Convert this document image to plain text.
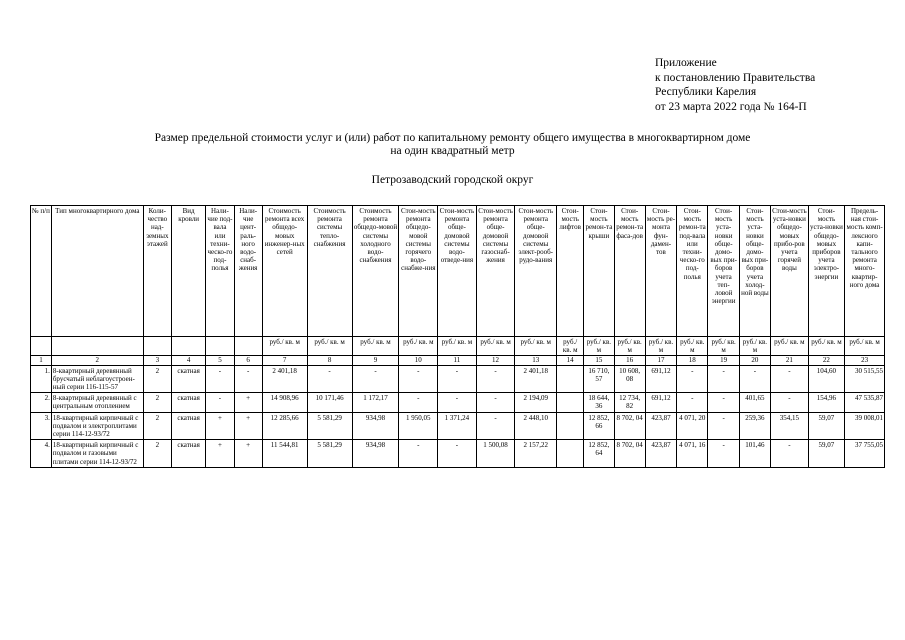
Приложение
к постановлению Правительства
Республики Карелия
от 23 марта 2022 года № 164-П
Размер предельной стоимости услуг и (или) работ по капитальному ремонту общего имущества в многоквартирном доме
на один квадратный метр
Петрозаводский городской округ
№ п/п	Тип многоквартирного дома	Коли-чество над-земных этажей	Вид кровли	Нали-чие под-вала или техни-ческо-го под-полья	Нали-чие цент-раль-ного водо-снаб-жения	Стоимость ремонта всех общедо-мовых инженер-ных сетей	Стоимость ремонта системы тепло-снабжения	Стоимость ремонта общедо-мовой системы холодного водо-снабжения	Стои-мость ремонта общедо-мовой системы горячего водо-снабже-ния	Стои-мость ремонта обще-домовой системы водо-отведе-ния	Стои-мость ремонта обще-домовой системы газоснаб-жения	Стои-мость ремонта обще-домовой системы элект-рооб-рудо-вания	Стои-мость лифтов	Стои-мость ремон-та крыши	Стои-мость ремон-та фаса-дов	Стои-мость ре-монта фун-дамен-тов	Стои-мость ремон-та под-вала или техни-ческо-го под-полья	Стои-мость уста-новки обще-домо-вых при-боров учета теп-ловой энергии	Стои-мость уста-новки обще-домо-вых при-боров учета холод-ной воды	Стои-мость уста-новки общедо-мовых прибо-ров учета горячей воды	Стои-мость уста-новки общедо-мовых приборов учета электро-энергии	Предель-ная стои-мость комп-лексного капи-тального ремонта много-квартир-ного дома
						руб./ кв. м	руб./ кв. м	руб./ кв. м	руб./ кв. м	руб./ кв. м	руб./ кв. м	руб./ кв. м	руб./ кв. м	руб./ кв. м	руб./ кв. м	руб./ кв. м	руб./ кв. м	руб./ кв. м	руб./ кв. м	руб./ кв. м	руб./ кв. м	руб./ кв. м
1	2	3	4	5	6	7	8	9	10	11	12	13	14	15	16	17	18	19	20	21	22	23
1.	8-квартирный деревянный брусчатый неблагоустроен-ный серии 116-115-57	2	скатная	-	-	2 401,18	-	-	-	-	-	2 401,18		16 710, 57	10 608, 08	691,12	-	-	-	-	104,60	30 515,55
2.	8-квартирный деревянный с центральным отоплением	2	скатная	-	+	14 908,96	10 171,46	1 172,17	-	-	-	2 194,09		18 644, 36	12 734, 82	691,12	-	-	401,65	-	154,96	47 535,87
3.	18-квартирный кирпичный с подвалом и электроплитами серии 114-12-93/72	2	скатная	+	+	12 285,66	5 581,29	934,98	1 950,05	1 371,24	-	2 448,10		12 852, 66	8 702, 04	423,87	4 071, 20	-	259,36	354,15	59,07	39 008,01
4.	18-квартирный кирпичный с подвалом и газовыми плитами серии 114-12-93/72	2	скатная	+	+	11 544,81	5 581,29	934,98	-	-	1 500,08	2 157,22		12 852, 64	8 702, 04	423,87	4 071, 16	-	101,46	-	59,07	37 755,05
